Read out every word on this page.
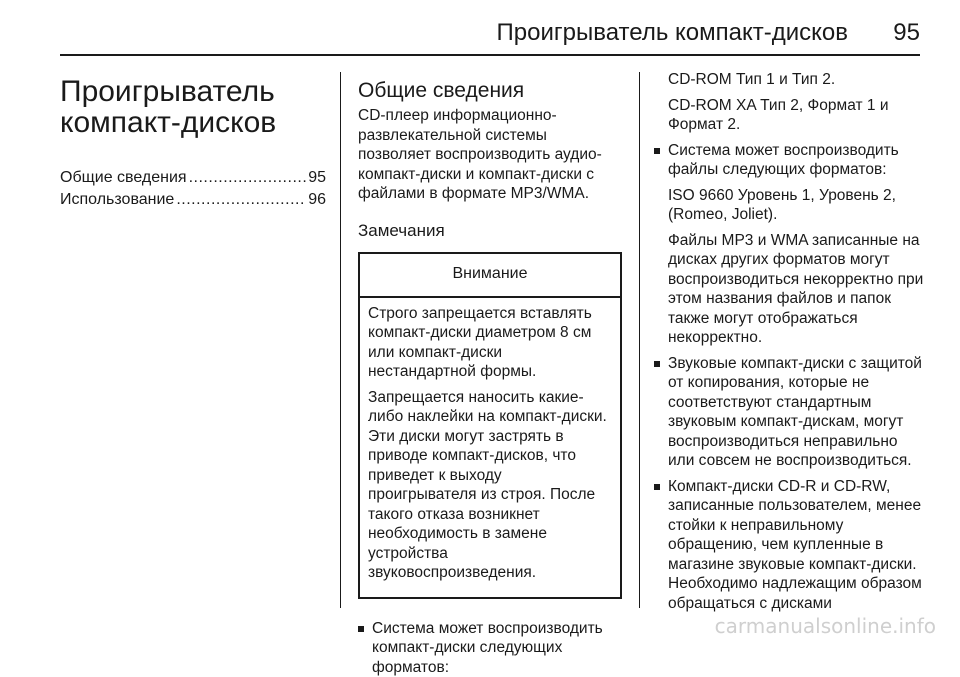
Проигрыватель компакт-дисков 95
Проигрыватель компакт-дисков
Общие сведения .....	95
Использование .....	96
Общие сведения

CD-плеер информационно-развлекательной системы позволяет воспроизводить аудио-компакт-диски и компакт-диски с файлами в формате MP3/WMA.

Замечания
Внимание

Строго запрещается вставлять компакт-диски диаметром 8 см или компакт-диски нестандартной формы.

Запрещается наносить какие-либо наклейки на компакт-диски. Эти диски могут застрять в приводе компакт-дисков, что приведет к выходу проигрывателя из строя. После такого отказа возникнет необходимость в замене устройства звуковоспроизведения.

Система может воспроизводить компакт-диски следующих форматов:

CD-ROM Тип 1 и Тип 2.

CD-ROM XA Тип 2, Формат 1 и Формат 2.

Система может воспроизводить файлы следующих форматов:

ISO 9660 Уровень 1, Уровень 2, (Romeo, Joliet).

Файлы MP3 и WMA записанные на дисках других форматов могут воспроизводиться некорректно при этом названия файлов и папок также могут отображаться некорректно.

Звуковые компакт-диски с защитой от копирования, которые не соответствуют стандартным звуковым компакт-дискам, могут воспроизводиться неправильно или совсем не воспроизводиться.

Компакт-диски CD-R и CD-RW, записанные пользователем, менее стойки к неправильному обращению, чем купленные в магазине звуковые компакт-диски. Необходимо надлежащим образом обращаться с дисками

carmanualsonline.info
